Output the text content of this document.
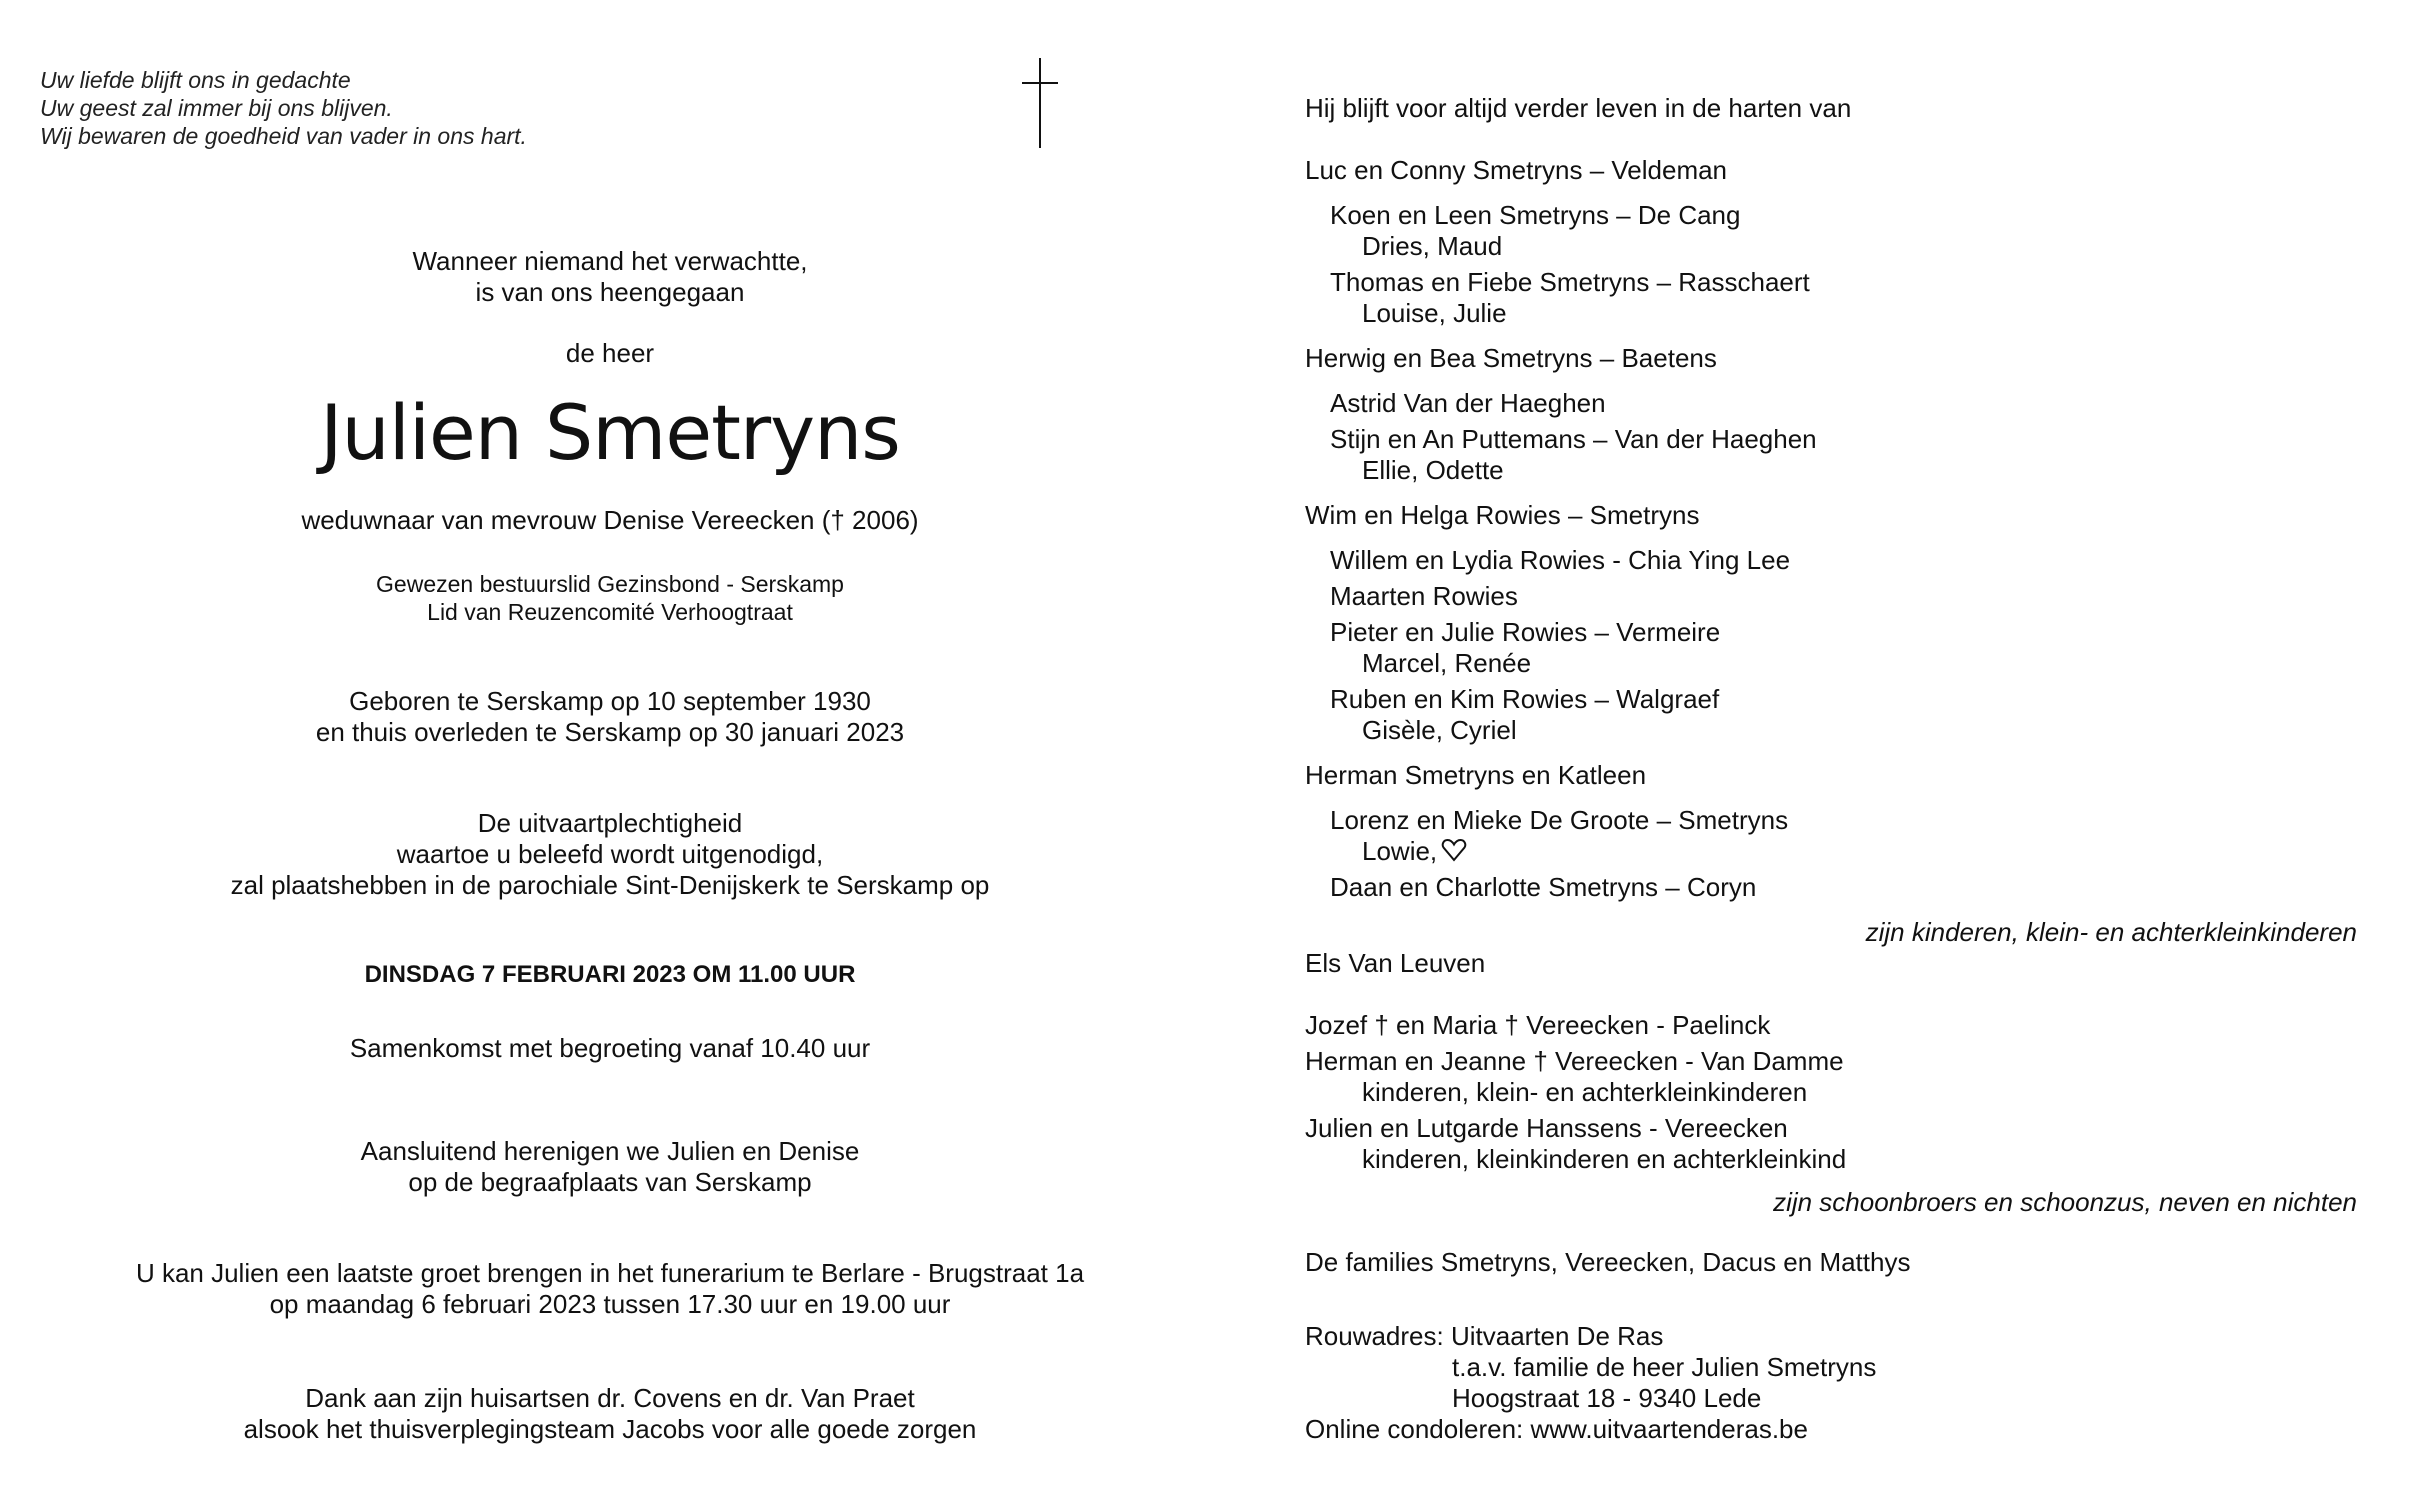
Uw liefde blijft ons in gedachte
Uw geest zal immer bij ons blijven.
Wij bewaren de goedheid van vader in ons hart.
Wanneer niemand het verwachtte,
is van ons heengegaan
de heer
Julien Smetryns
weduwnaar van mevrouw Denise Vereecken († 2006)
Gewezen bestuurslid Gezinsbond - Serskamp
Lid van Reuzencomité Verhoogtraat
Geboren te Serskamp op 10 september 1930
en thuis overleden te Serskamp op 30 januari 2023
De uitvaartplechtigheid
waartoe u beleefd wordt uitgenodigd,
zal plaatshebben in de parochiale Sint-Denijskerk te Serskamp op
DINSDAG 7 FEBRUARI 2023 OM 11.00 UUR
Samenkomst met begroeting vanaf 10.40 uur
Aansluitend herenigen we Julien en Denise
op de begraafplaats van Serskamp
U kan Julien een laatste groet brengen in het funerarium te Berlare - Brugstraat 1a
op maandag 6 februari 2023 tussen 17.30 uur en 19.00 uur
Dank aan zijn huisartsen dr. Covens en dr. Van Praet
alsook het thuisverplegingsteam Jacobs voor alle goede zorgen
Hij blijft voor altijd verder leven in de harten van
Luc en Conny Smetryns – Veldeman
Koen en Leen Smetryns – De Cang
Dries, Maud
Thomas en Fiebe Smetryns – Rasschaert
Louise, Julie
Herwig en Bea Smetryns – Baetens
Astrid Van der Haeghen
Stijn en An Puttemans – Van der Haeghen
Ellie, Odette
Wim en Helga Rowies – Smetryns
Willem en Lydia Rowies - Chia Ying Lee
Maarten Rowies
Pieter en Julie Rowies – Vermeire
Marcel, Renée
Ruben en Kim Rowies – Walgraef
Gisèle, Cyriel
Herman Smetryns en Katleen
Lorenz en Mieke De Groote – Smetryns
Lowie,
Daan en Charlotte Smetryns – Coryn
zijn kinderen, klein- en achterkleinkinderen
Els Van Leuven
Jozef † en Maria † Vereecken - Paelinck
Herman en Jeanne † Vereecken - Van Damme
kinderen, klein- en achterkleinkinderen
Julien en Lutgarde Hanssens - Vereecken
kinderen, kleinkinderen en achterkleinkind
zijn schoonbroers en schoonzus, neven en nichten
De families Smetryns, Vereecken, Dacus en Matthys
Rouwadres: Uitvaarten De Ras
t.a.v. familie de heer Julien Smetryns
Hoogstraat 18 - 9340 Lede
Online condoleren: www.uitvaartenderas.be
